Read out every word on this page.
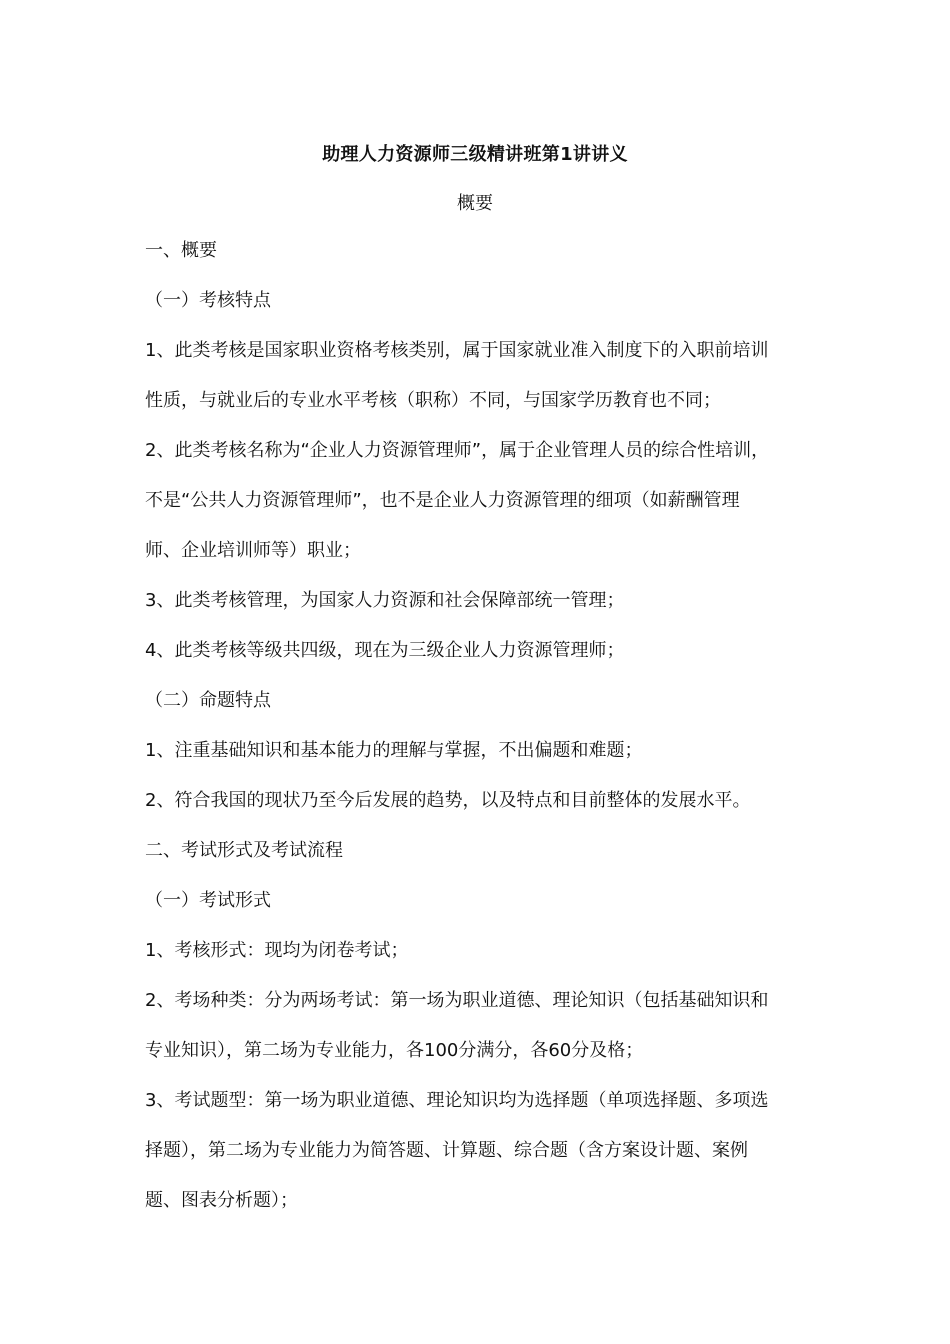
助理人力资源师三级精讲班第1讲讲义
概要
一、概要
（一）考核特点
1、此类考核是国家职业资格考核类别，属于国家就业准入制度下的入职前培训
性质，与就业后的专业水平考核（职称）不同，与国家学历教育也不同；
2、此类考核名称为“企业人力资源管理师”，属于企业管理人员的综合性培训，
不是“公共人力资源管理师”，也不是企业人力资源管理的细项（如薪酬管理
师、企业培训师等）职业；
3、此类考核管理，为国家人力资源和社会保障部统一管理；
4、此类考核等级共四级，现在为三级企业人力资源管理师；
（二）命题特点
1、注重基础知识和基本能力的理解与掌握，不出偏题和难题；
2、符合我国的现状乃至今后发展的趋势，以及特点和目前整体的发展水平。
二、考试形式及考试流程
（一）考试形式
1、考核形式：现均为闭卷考试；
2、考场种类：分为两场考试：第一场为职业道德、理论知识（包括基础知识和
专业知识），第二场为专业能力，各100分满分，各60分及格；
3、考试题型：第一场为职业道德、理论知识均为选择题（单项选择题、多项选
择题），第二场为专业能力为简答题、计算题、综合题（含方案设计题、案例
题、图表分析题）；
